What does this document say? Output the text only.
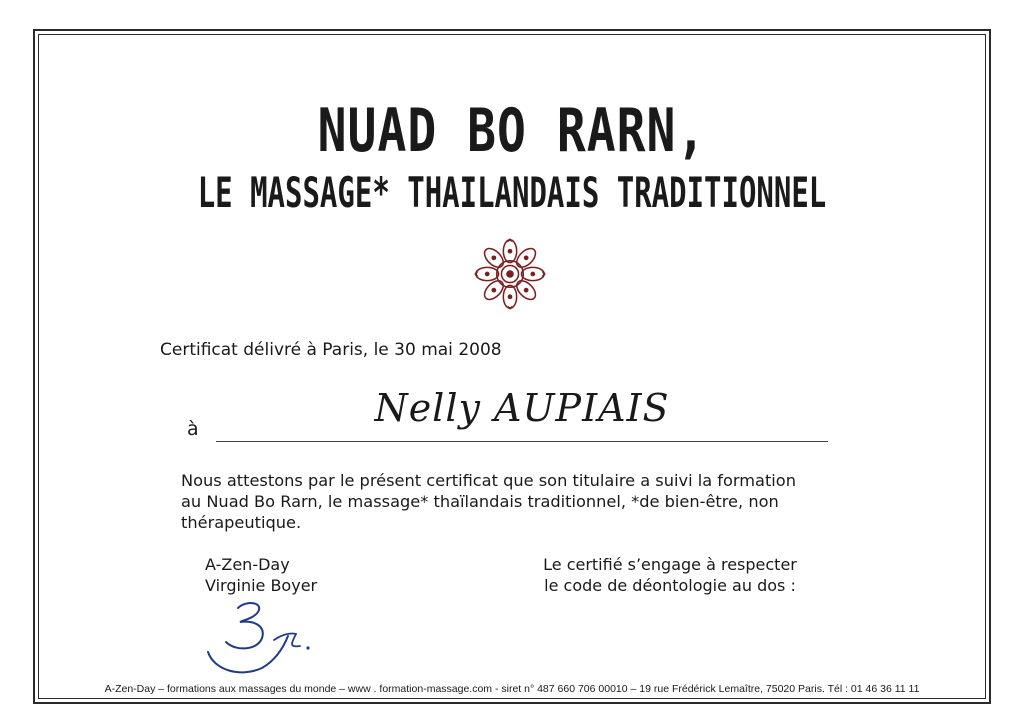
NUAD BO RARN,
LE MASSAGE* THAILANDAIS TRADITIONNEL
Certificat délivré à Paris, le 30 mai 2008
à	Nelly AUPIAIS
Nous attestons par le présent certificat que son titulaire a suivi la formation
au Nuad Bo Rarn, le massage* thaïlandais traditionnel, *de bien-être, non
thérapeutique.
A-Zen-Day
Virginie Boyer
Le certifié s’engage à respecter
le code de déontologie au dos :
A-Zen-Day – formations aux massages du monde – www . formation-massage.com - siret n° 487 660 706 00010 – 19 rue Frédérick Lemaître, 75020 Paris. Tél : 01 46 36 11 11
